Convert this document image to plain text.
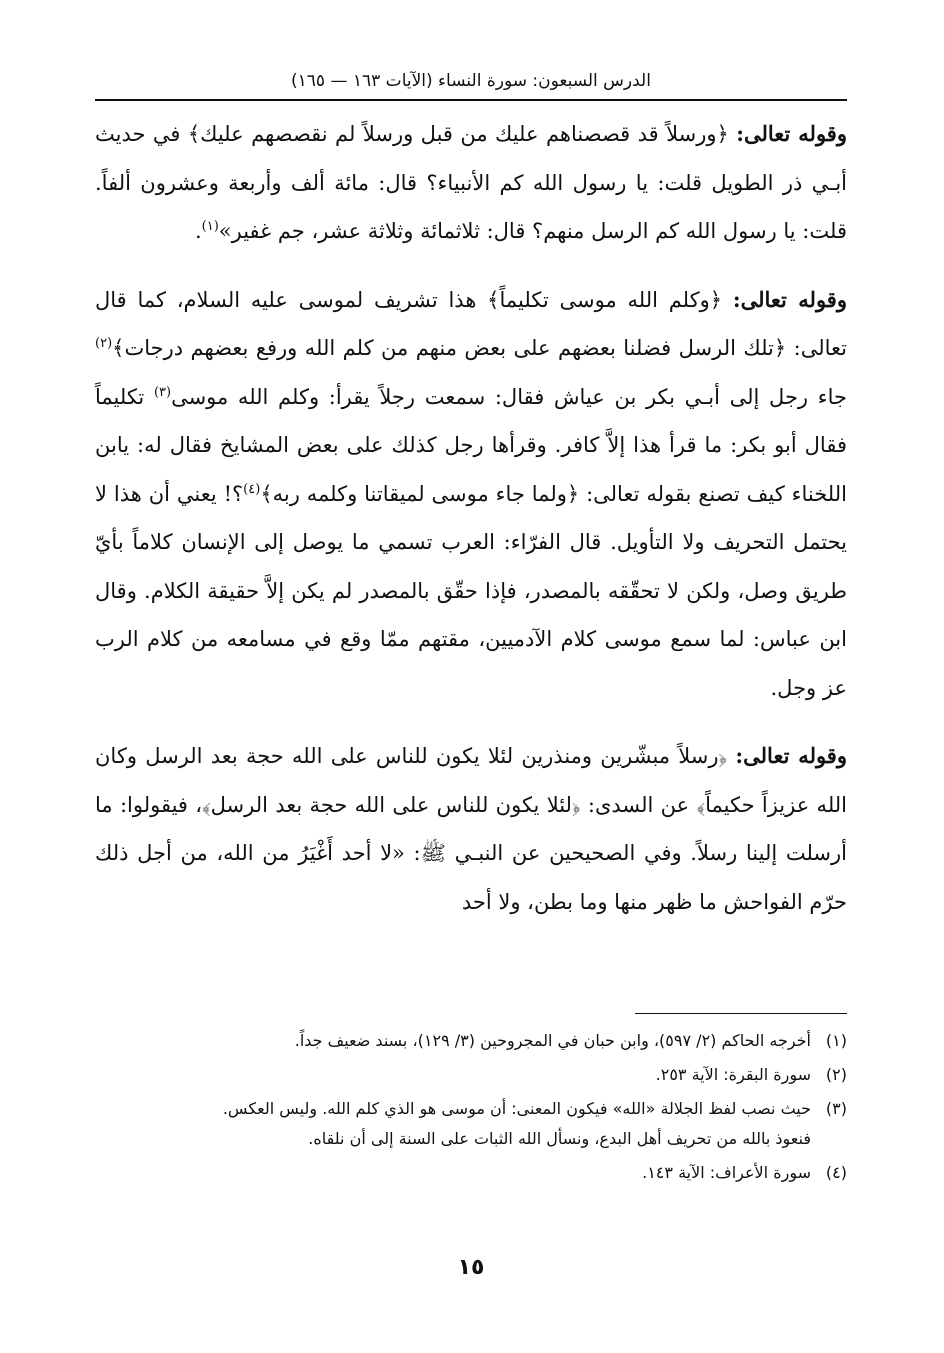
الدرس السبعون: سورة النساء (الآيات ١٦٣ — ١٦٥)

وقوله تعالى: ﴿ورسلاً قد قصصناهم عليك من قبل ورسلاً لم نقصصهم عليك﴾ في حديث أبـي ذر الطويل قلت: يا رسول الله كم الأنبياء؟ قال: مائة ألف وأربعة وعشرون ألفاً. قلت: يا رسول الله كم الرسل منهم؟ قال: ثلاثمائة وثلاثة عشر، جم غفير»$^{(١)}$.

وقوله تعالى: ﴿وكلم الله موسى تكليماً﴾ هذا تشريف لموسى عليه السلام، كما قال تعالى: ﴿تلك الرسل فضلنا بعضهم على بعض منهم من كلم الله ورفع بعضهم درجات﴾$^{(٢)}$ جاء رجل إلى أبـي بكر بن عياش فقال: سمعت رجلاً يقرأ: وكلم الله موسى$^{(٣)}$ تكليماً فقال أبو بكر: ما قرأ هذا إلاَّ كافر. وقرأها رجل كذلك على بعض المشايخ فقال له: يابن اللخناء كيف تصنع بقوله تعالى: ﴿ولما جاء موسى لميقاتنا وكلمه ربه﴾$^{(٤)}$؟! يعني أن هذا لا يحتمل التحريف ولا التأويل. قال الفرّاء: العرب تسمي ما يوصل إلى الإنسان كلاماً بأيّ طريق وصل، ولكن لا تحقّقه بالمصدر، فإذا حقّق بالمصدر لم يكن إلاَّ حقيقة الكلام. وقال ابن عباس: لما سمع موسى كلام الآدميين، مقتهم ممّا وقع في مسامعه من كلام الرب عز وجل.

وقوله تعالى: ﴿رسلاً مبشّرين ومنذرين لئلا يكون للناس على الله حجة بعد الرسل وكان الله عزيزاً حكيماً﴾ عن السدى: ﴿لئلا يكون للناس على الله حجة بعد الرسل﴾، فيقولوا: ما أرسلت إلينا رسلاً. وفي الصحيحين عن النبـي ﷺ: «لا أحد أَغْيَرُ من الله، من أجل ذلك حرّم الفواحش ما ظهر منها وما بطن، ولا أحد

(١)
أخرجه الحاكم (٢/ ٥٩٧)، وابن حبان في المجروحين (٣/ ١٢٩)، بسند ضعيف جداً.
(٢)
سورة البقرة: الآية ٢٥٣.
(٣)
حيث نصب لفظ الجلالة «الله» فيكون المعنى: أن موسى هو الذي كلم الله. وليس العكس.
فنعوذ بالله من تحريف أهل البدع، ونسأل الله الثبات على السنة إلى أن نلقاه.
(٤)
سورة الأعراف: الآية ١٤٣.
١٥
